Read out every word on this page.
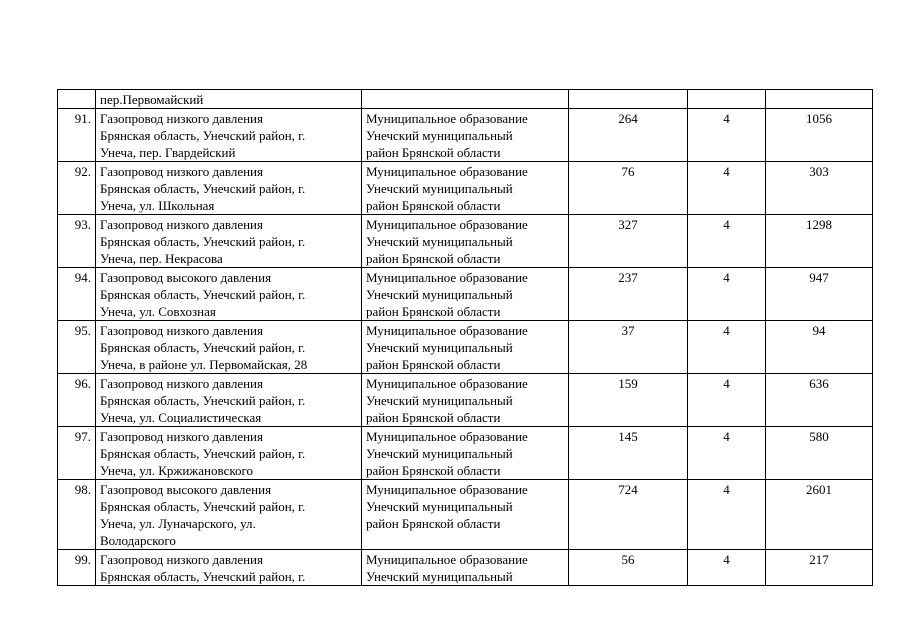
	пер.Первомайский				

91.	Газопровод низкого давления
Брянская область, Унечский район, г.
Унеча, пер. Гвардейский	Муниципальное образование
Унечский муниципальный
район Брянской области	264	4	1056
92.	Газопровод низкого давления
Брянская область, Унечский район, г.
Унеча, ул. Школьная	Муниципальное образование
Унечский муниципальный
район Брянской области	76	4	303
93.	Газопровод низкого давления
Брянская область, Унечский район, г.
Унеча, пер. Некрасова	Муниципальное образование
Унечский муниципальный
район Брянской области	327	4	1298
94.	Газопровод высокого давления
Брянская область, Унечский район, г.
Унеча, ул. Совхозная	Муниципальное образование
Унечский муниципальный
район Брянской области	237	4	947
95.	Газопровод низкого давления
Брянская область, Унечский район, г.
Унеча, в районе ул. Первомайская, 28	Муниципальное образование
Унечский муниципальный
район Брянской области	37	4	94
96.	Газопровод низкого давления
Брянская область, Унечский район, г.
Унеча, ул. Социалистическая	Муниципальное образование
Унечский муниципальный
район Брянской области	159	4	636
97.	Газопровод низкого давления
Брянская область, Унечский район, г.
Унеча, ул. Кржижановского	Муниципальное образование
Унечский муниципальный
район Брянской области	145	4	580
98.	Газопровод высокого давления
Брянская область, Унечский район, г.
Унеча, ул. Луначарского, ул.
Володарского	Муниципальное образование
Унечский муниципальный
район Брянской области	724	4	2601
99.	Газопровод низкого давления
Брянская область, Унечский район, г.	Муниципальное образование
Унечский муниципальный	56	4	217
